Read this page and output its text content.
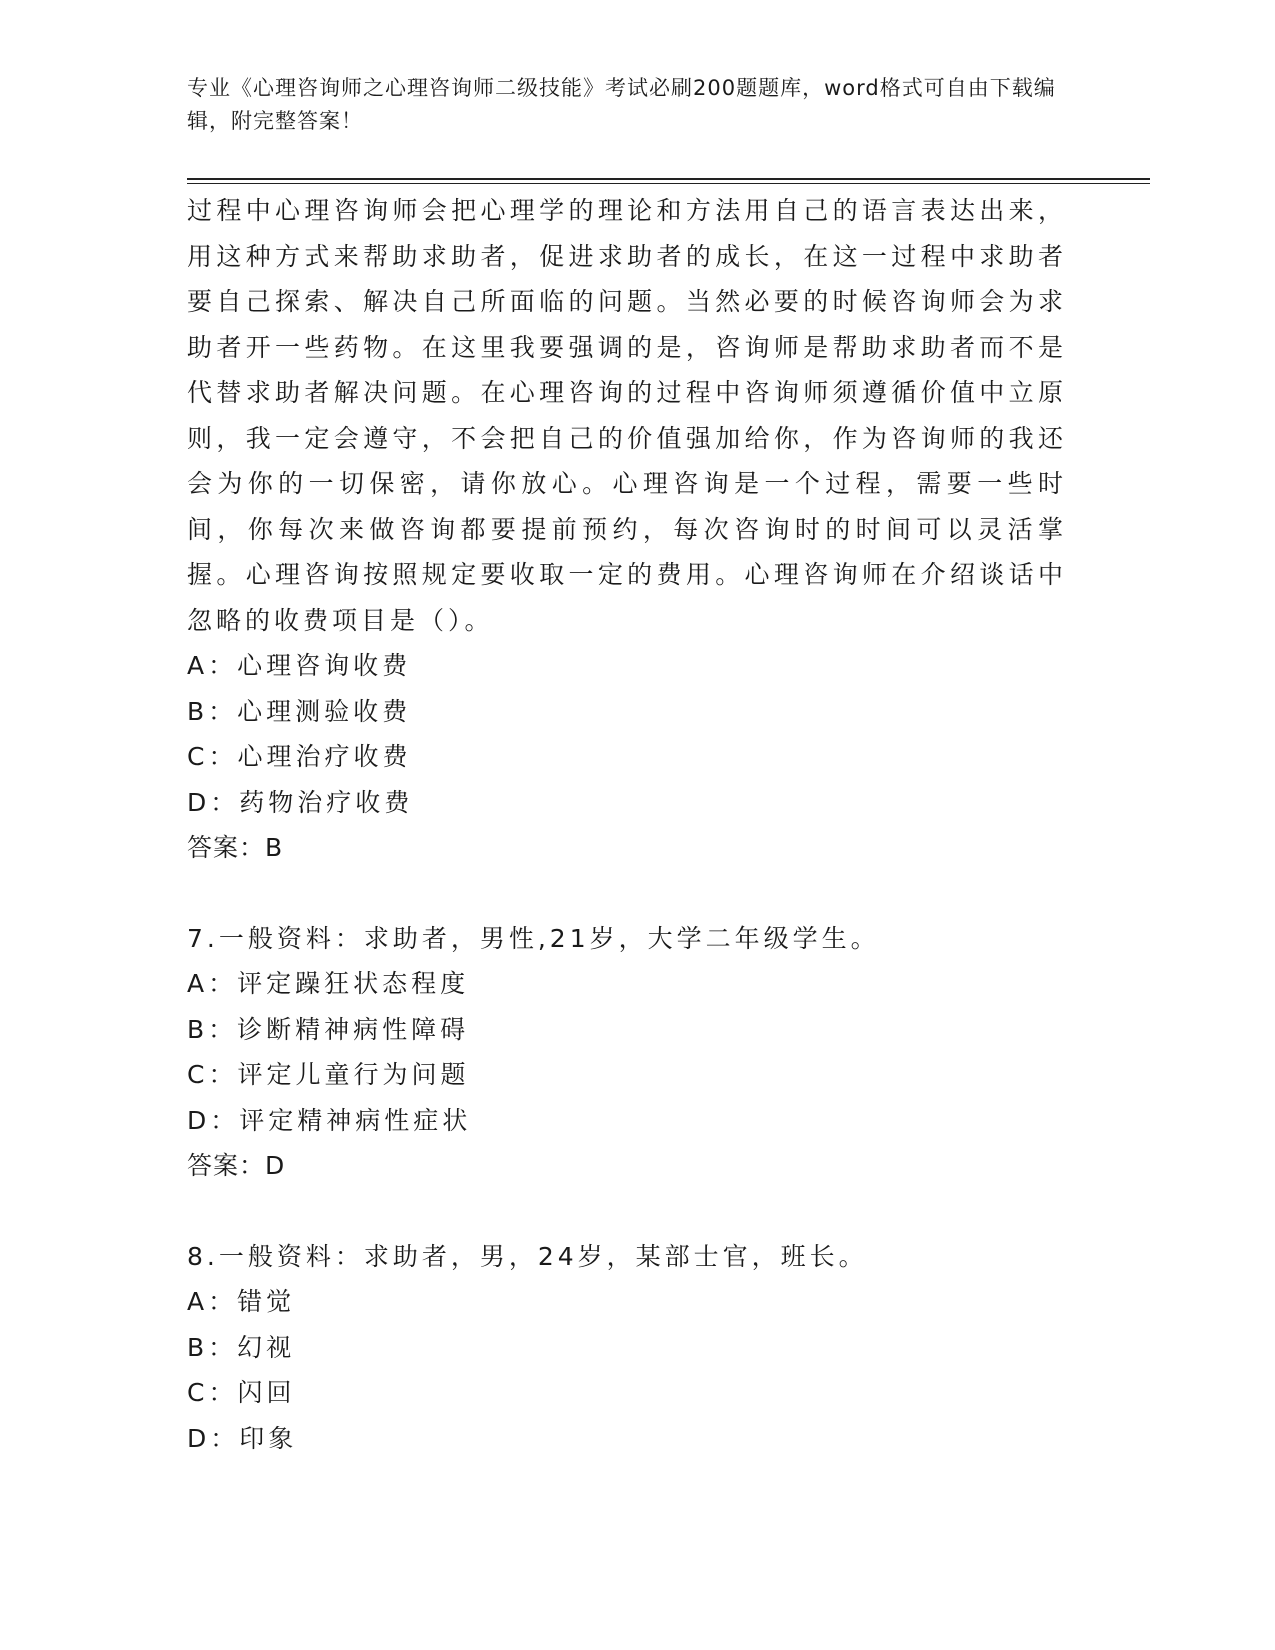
专业《心理咨询师之心理咨询师二级技能》考试必刷200题题库，word格式可自由下载编辑，附完整答案！

过程中心理咨询师会把心理学的理论和方法用自己的语言表达出来，用这种方式来帮助求助者，促进求助者的成长，在这一过程中求助者要自己探索、解决自己所面临的问题。当然必要的时候咨询师会为求助者开一些药物。在这里我要强调的是，咨询师是帮助求助者而不是代替求助者解决问题。在心理咨询的过程中咨询师须遵循价值中立原则，我一定会遵守，不会把自己的价值强加给你，作为咨询师的我还会为你的一切保密，请你放心。心理咨询是一个过程，需要一些时间，你每次来做咨询都要提前预约，每次咨询时的时间可以灵活掌握。心理咨询按照规定要收取一定的费用。心理咨询师在介绍谈话中忽略的收费项目是（）。

A：心理咨询收费

B：心理测验收费

C：心理治疗收费

D：药物治疗收费

答案：B

7.一般资料：求助者，男性,21岁，大学二年级学生。

A：评定躁狂状态程度

B：诊断精神病性障碍

C：评定儿童行为问题

D：评定精神病性症状

答案：D

8.一般资料：求助者，男，24岁，某部士官，班长。

A：错觉

B：幻视

C：闪回

D：印象
